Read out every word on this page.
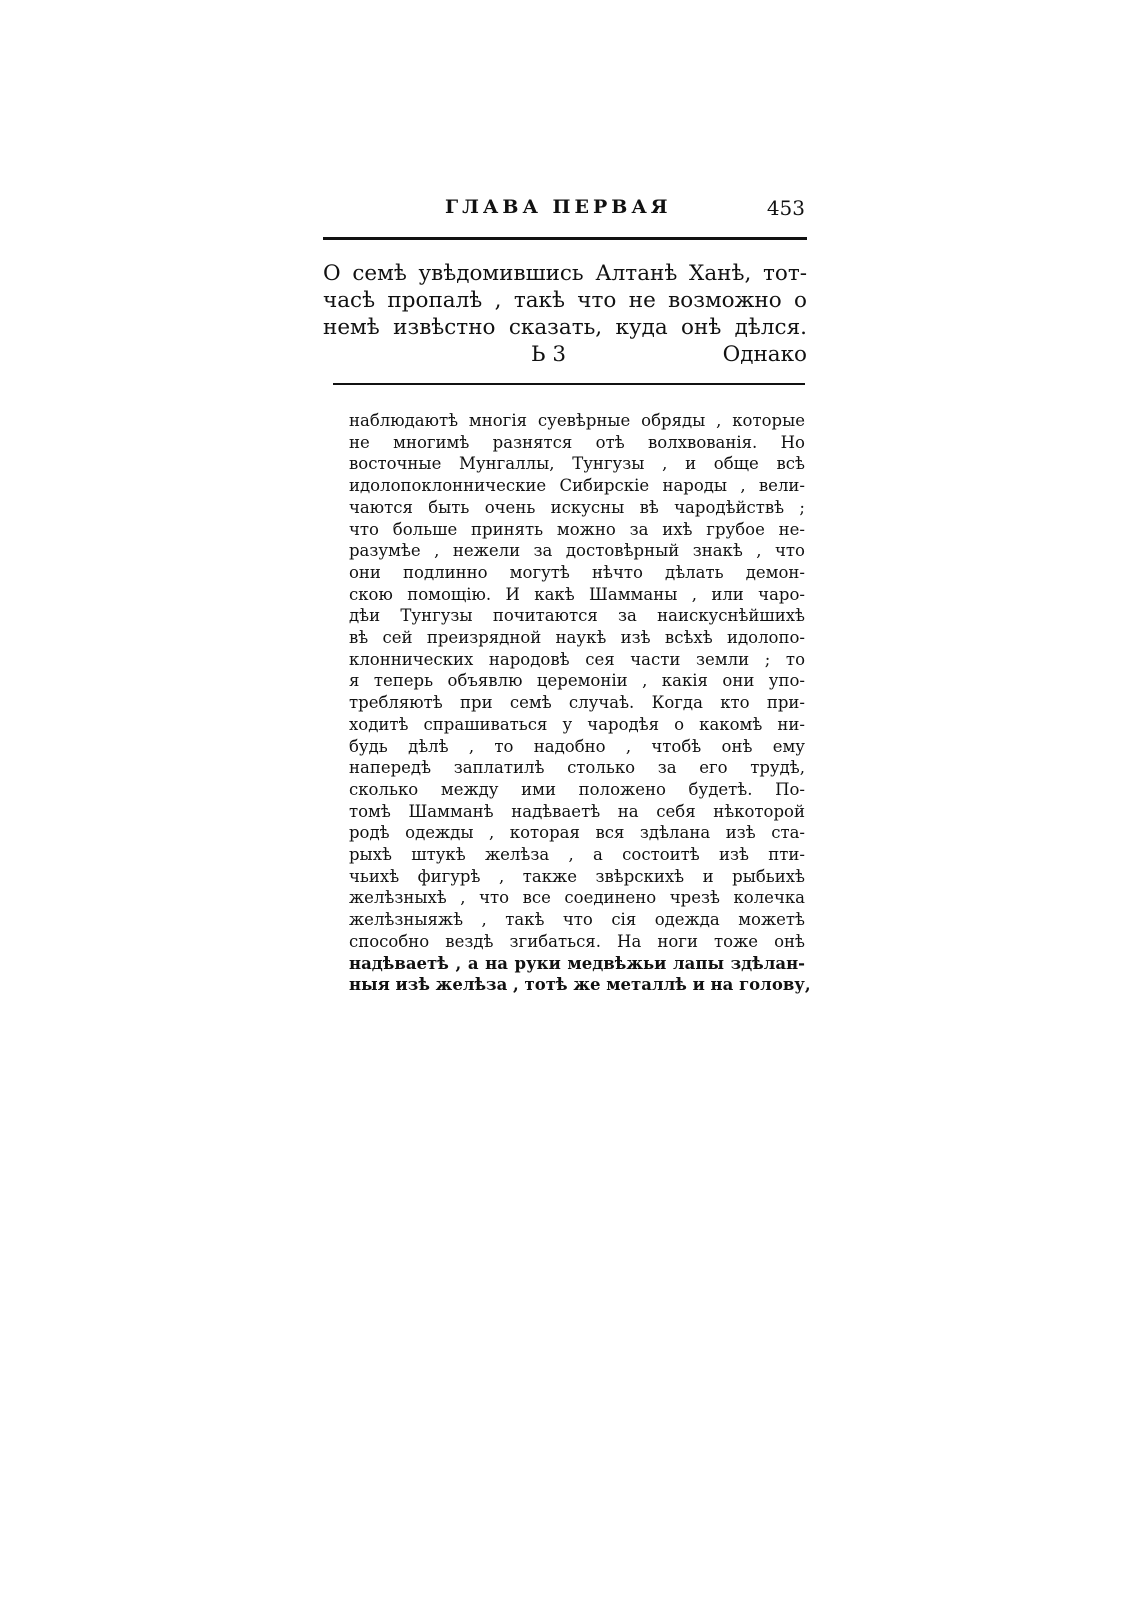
ГЛАВА ПЕРВАЯ	453
О семѣ увѣдомившись Алтанѣ Ханѣ, тот-
часѣ пропалѣ , такѣ что не возможно о
немѣ извѣстно сказать, куда онѣ дѣлся.
Ь 3	Однако
наблюдаютѣ многія суевѣрные обряды , которые
не многимѣ разнятся отѣ волхвованія. Но
восточные Мунгаллы, Тунгузы , и обще всѣ
идолопоклоннические Сибирскіе народы , вели-
чаются быть очень искусны вѣ чародѣйствѣ ;
что больше принять можно за ихѣ грубое не-
разумѣе , нежели за достовѣрный знакѣ , что
они подлинно могутѣ нѣчто дѣлать демон-
скою помощію. И какѣ Шамманы , или чаро-
дѣи Тунгузы почитаются за наискуснѣйшихѣ
вѣ сей преизрядной наукѣ изѣ всѣхѣ идолопо-
клоннических народовѣ сея части земли ; то
я теперь объявлю церемоніи , какія они упо-
требляютѣ при семѣ случаѣ. Когда кто при-
ходитѣ спрашиваться у чародѣя о какомѣ ни-
будь дѣлѣ , то надобно , чтобѣ онѣ ему
напередѣ заплатилѣ столько за его трудѣ,
сколько между ими положено будетѣ. По-
томѣ Шамманѣ надѣваетѣ на себя нѣкоторой
родѣ одежды , которая вся здѣлана изѣ ста-
рыхѣ штукѣ желѣза , а состоитѣ изѣ пти-
чьихѣ фигурѣ , также звѣрскихѣ и рыбьихѣ
желѣзныхѣ , что все соединено чрезѣ колечка
желѣзныяжѣ , такѣ что сія одежда можетѣ
способно вездѣ згибаться. На ноги тоже онѣ
надѣваетѣ , а на руки медвѣжьи лапы здѣлан-
ныя изѣ желѣза , тотѣ же металлѣ и на голову,
